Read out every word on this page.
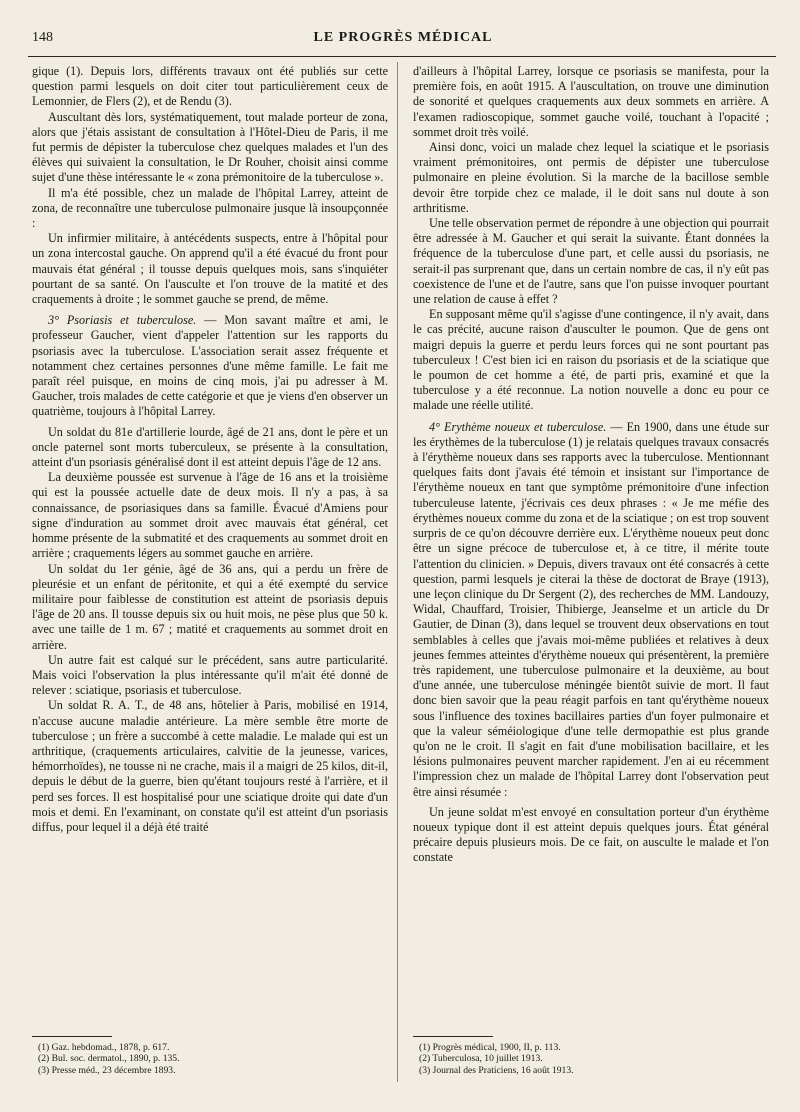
148	LE PROGRÈS MÉDICAL

gique (1). Depuis lors, différents travaux ont été publiés sur cette question parmi lesquels on doit citer tout particulièrement ceux de Lemonnier, de Flers (2), et de Rendu (3).

Auscultant dès lors, systématiquement, tout malade porteur de zona, alors que j'étais assistant de consultation à l'Hôtel-Dieu de Paris, il me fut permis de dépister la tuberculose chez quelques malades et l'un des élèves qui suivaient la consultation, le Dr Rouher, choisit ainsi comme sujet d'une thèse intéressante le « zona prémonitoire de la tuberculose ».

Il m'a été possible, chez un malade de l'hôpital Larrey, atteint de zona, de reconnaître une tuberculose pulmonaire jusque là insoupçonnée :

Un infirmier militaire, à antécédents suspects, entre à l'hôpital pour un zona intercostal gauche. On apprend qu'il a été évacué du front pour mauvais état général ; il tousse depuis quelques mois, sans s'inquiéter pourtant de sa santé. On l'ausculte et l'on trouve de la matité et des craquements à droite ; le sommet gauche se prend, de même.

3° Psoriasis et tuberculose. — Mon savant maître et ami, le professeur Gaucher, vient d'appeler l'attention sur les rapports du psoriasis avec la tuberculose. L'association serait assez fréquente et notamment chez certaines personnes d'une même famille. Le fait me paraît réel puisque, en moins de cinq mois, j'ai pu adresser à M. Gaucher, trois malades de cette catégorie et que je viens d'en observer un quatrième, toujours à l'hôpital Larrey.

Un soldat du 81e d'artillerie lourde, âgé de 21 ans, dont le père et un oncle paternel sont morts tuberculeux, se présente à la consultation, atteint d'un psoriasis généralisé dont il est atteint depuis l'âge de 12 ans.

La deuxième poussée est survenue à l'âge de 16 ans et la troisième qui est la poussée actuelle date de deux mois. Il n'y a pas, à sa connaissance, de psoriasiques dans sa famille. Évacué d'Amiens pour signe d'induration au sommet droit avec mauvais état général, cet homme présente de la submatité et des craquements au sommet droit en arrière ; craquements légers au sommet gauche en arrière.

Un soldat du 1er génie, âgé de 36 ans, qui a perdu un frère de pleurésie et un enfant de péritonite, et qui a été exempté du service militaire pour faiblesse de constitution est atteint de psoriasis depuis l'âge de 20 ans. Il tousse depuis six ou huit mois, ne pèse plus que 50 k. avec une taille de 1 m. 67 ; matité et craquements au sommet droit en arrière.

Un autre fait est calqué sur le précédent, sans autre particularité. Mais voici l'observation la plus intéressante qu'il m'ait été donné de relever : sciatique, psoriasis et tuberculose.

Un soldat R. A. T., de 48 ans, hôtelier à Paris, mobilisé en 1914, n'accuse aucune maladie antérieure. La mère semble être morte de tuberculose ; un frère a succombé à cette maladie. Le malade qui est un arthritique, (craquements articulaires, calvitie de la jeunesse, varices, hémorrhoïdes), ne tousse ni ne crache, mais il a maigri de 25 kilos, dit-il, depuis le début de la guerre, bien qu'étant toujours resté à l'arrière, et il perd ses forces. Il est hospitalisé pour une sciatique droite qui date d'un mois et demi. En l'examinant, on constate qu'il est atteint d'un psoriasis diffus, pour lequel il a déjà été traité

d'ailleurs à l'hôpital Larrey, lorsque ce psoriasis se manifesta, pour la première fois, en août 1915. A l'auscultation, on trouve une diminution de sonorité et quelques craquements aux deux sommets en arrière. A l'examen radioscopique, sommet gauche voilé, touchant à l'opacité ; sommet droit très voilé.

Ainsi donc, voici un malade chez lequel la sciatique et le psoriasis vraiment prémonitoires, ont permis de dépister une tuberculose pulmonaire en pleine évolution. Si la marche de la bacillose semble devoir être torpide chez ce malade, il le doit sans nul doute à son arthritisme.

Une telle observation permet de répondre à une objection qui pourrait être adressée à M. Gaucher et qui serait la suivante. Étant données la fréquence de la tuberculose d'une part, et celle aussi du psoriasis, ne serait-il pas surprenant que, dans un certain nombre de cas, il n'y eût pas coexistence de l'une et de l'autre, sans que l'on puisse invoquer pourtant une relation de cause à effet ?

En supposant même qu'il s'agisse d'une contingence, il n'y avait, dans le cas précité, aucune raison d'ausculter le poumon. Que de gens ont maigri depuis la guerre et perdu leurs forces qui ne sont pourtant pas tuberculeux ! C'est bien ici en raison du psoriasis et de la sciatique que le poumon de cet homme a été, de parti pris, examiné et que la tuberculose y a été reconnue. La notion nouvelle a donc eu pour ce malade une réelle utilité.

4° Erythème noueux et tuberculose. — En 1900, dans une étude sur les érythèmes de la tuberculose (1) je relatais quelques travaux consacrés à l'érythème noueux dans ses rapports avec la tuberculose. Mentionnant quelques faits dont j'avais été témoin et insistant sur l'importance de l'érythème noueux en tant que symptôme prémonitoire d'une infection tuberculeuse latente, j'écrivais ces deux phrases : « Je me méfie des érythèmes noueux comme du zona et de la sciatique ; on est trop souvent surpris de ce qu'on découvre derrière eux. L'érythème noueux peut donc être un signe précoce de tuberculose et, à ce titre, il mérite toute l'attention du clinicien. » Depuis, divers travaux ont été consacrés à cette question, parmi lesquels je citerai la thèse de doctorat de Braye (1913), une leçon clinique du Dr Sergent (2), des recherches de MM. Landouzy, Widal, Chauffard, Troisier, Thibierge, Jeanselme et un article du Dr Gautier, de Dinan (3), dans lequel se trouvent deux observations en tout semblables à celles que j'avais moi-même publiées et relatives à deux jeunes femmes atteintes d'érythème noueux qui présentèrent, la première très rapidement, une tuberculose pulmonaire et la deuxième, au bout d'une année, une tuberculose méningée bientôt suivie de mort. Il faut donc bien savoir que la peau réagit parfois en tant qu'érythème noueux sous l'influence des toxines bacillaires parties d'un foyer pulmonaire et que la valeur séméiologique d'une telle dermopathie est plus grande qu'on ne le croit. Il s'agit en fait d'une mobilisation bacillaire, et les lésions pulmonaires peuvent marcher rapidement. J'en ai eu récemment l'impression chez un malade de l'hôpital Larrey dont l'observation peut être ainsi résumée :

Un jeune soldat m'est envoyé en consultation porteur d'un érythème noueux typique dont il est atteint depuis quelques jours. État général précaire depuis plusieurs mois. De ce fait, on ausculte le malade et l'on constate

(1) Gaz. hebdomad., 1878, p. 617.
(2) Bul. soc. dermatol., 1890, p. 135.
(3) Presse méd., 23 décembre 1893.
(1) Progrès médical, 1900, II, p. 113.
(2) Tuberculosa, 10 juillet 1913.
(3) Journal des Praticiens, 16 août 1913.
